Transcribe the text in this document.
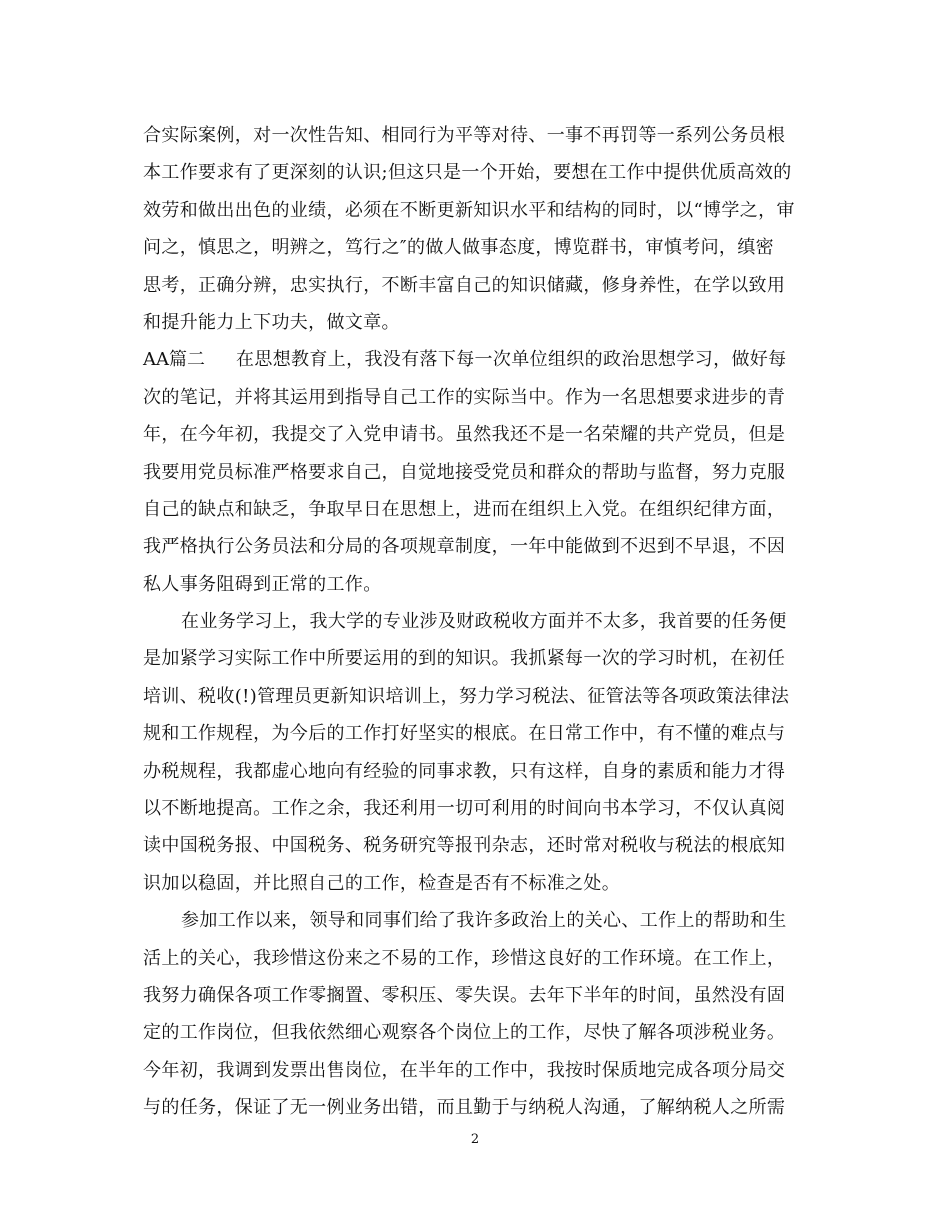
合实际案例，对一次性告知、相同行为平等对待、一事不再罚等一系列公务员根
本工作要求有了更深刻的认识;但这只是一个开始，要想在工作中提供优质高效的
效劳和做出出色的业绩，必须在不断更新知识水平和结构的同时，以“博学之，审
问之，慎思之，明辨之，笃行之″的做人做事态度，博览群书，审慎考问，缜密
思考，正确分辨，忠实执行，不断丰富自己的知识储藏，修身养性，在学以致用
和提升能力上下功夫，做文章。
AA篇二 在思想教育上，我没有落下每一次单位组织的政治思想学习，做好每
次的笔记，并将其运用到指导自己工作的实际当中。作为一名思想要求进步的青
年，在今年初，我提交了入党申请书。虽然我还不是一名荣耀的共产党员，但是
我要用党员标准严格要求自己，自觉地接受党员和群众的帮助与监督，努力克服
自己的缺点和缺乏，争取早日在思想上，进而在组织上入党。在组织纪律方面，
我严格执行公务员法和分局的各项规章制度，一年中能做到不迟到不早退，不因
私人事务阻碍到正常的工作。
在业务学习上，我大学的专业涉及财政税收方面并不太多，我首要的任务便
是加紧学习实际工作中所要运用的到的知识。我抓紧每一次的学习时机，在初任
培训、税收(!)管理员更新知识培训上，努力学习税法、征管法等各项政策法律法
规和工作规程，为今后的工作打好坚实的根底。在日常工作中，有不懂的难点与
办税规程，我都虚心地向有经验的同事求教，只有这样，自身的素质和能力才得
以不断地提高。工作之余，我还利用一切可利用的时间向书本学习，不仅认真阅
读中国税务报、中国税务、税务研究等报刊杂志，还时常对税收与税法的根底知
识加以稳固，并比照自己的工作，检查是否有不标准之处。
参加工作以来，领导和同事们给了我许多政治上的关心、工作上的帮助和生
活上的关心，我珍惜这份来之不易的工作，珍惜这良好的工作环境。在工作上，
我努力确保各项工作零搁置、零积压、零失误。去年下半年的时间，虽然没有固
定的工作岗位，但我依然细心观察各个岗位上的工作，尽快了解各项涉税业务。
今年初，我调到发票出售岗位，在半年的工作中，我按时保质地完成各项分局交
与的任务，保证了无一例业务出错，而且勤于与纳税人沟通，了解纳税人之所需
2
